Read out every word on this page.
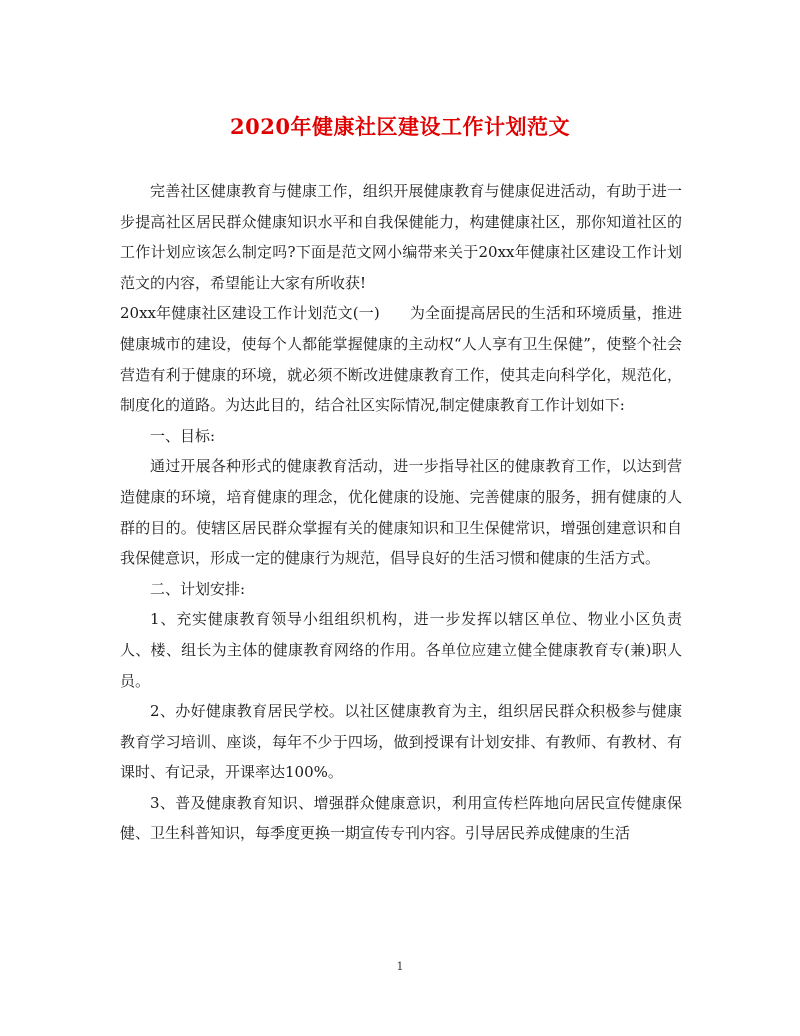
2020年健康社区建设工作计划范文

完善社区健康教育与健康工作，组织开展健康教育与健康促进活动，有助于进一步提高社区居民群众健康知识水平和自我保健能力，构建健康社区，那你知道社区的工作计划应该怎么制定吗?下面是范文网小编带来关于20xx年健康社区建设工作计划范文的内容，希望能让大家有所收获!

20xx年健康社区建设工作计划范文(一) 为全面提高居民的生活和环境质量，推进健康城市的建设，使每个人都能掌握健康的主动权“人人享有卫生保健”，使整个社会营造有利于健康的环境，就必须不断改进健康教育工作，使其走向科学化，规范化，制度化的道路。为达此目的，结合社区实际情况,制定健康教育工作计划如下:

一、目标:

通过开展各种形式的健康教育活动，进一步指导社区的健康教育工作，以达到营造健康的环境，培育健康的理念，优化健康的设施、完善健康的服务，拥有健康的人群的目的。使辖区居民群众掌握有关的健康知识和卫生保健常识，增强创建意识和自我保健意识，形成一定的健康行为规范，倡导良好的生活习惯和健康的生活方式。

二、计划安排:

1、充实健康教育领导小组组织机构，进一步发挥以辖区单位、物业小区负责人、楼、组长为主体的健康教育网络的作用。各单位应建立健全健康教育专(兼)职人员。

2、办好健康教育居民学校。以社区健康教育为主，组织居民群众积极参与健康教育学习培训、座谈，每年不少于四场，做到授课有计划安排、有教师、有教材、有课时、有记录，开课率达100%。

3、普及健康教育知识、增强群众健康意识，利用宣传栏阵地向居民宣传健康保健、卫生科普知识，每季度更换一期宣传专刊内容。引导居民养成健康的生活

1
